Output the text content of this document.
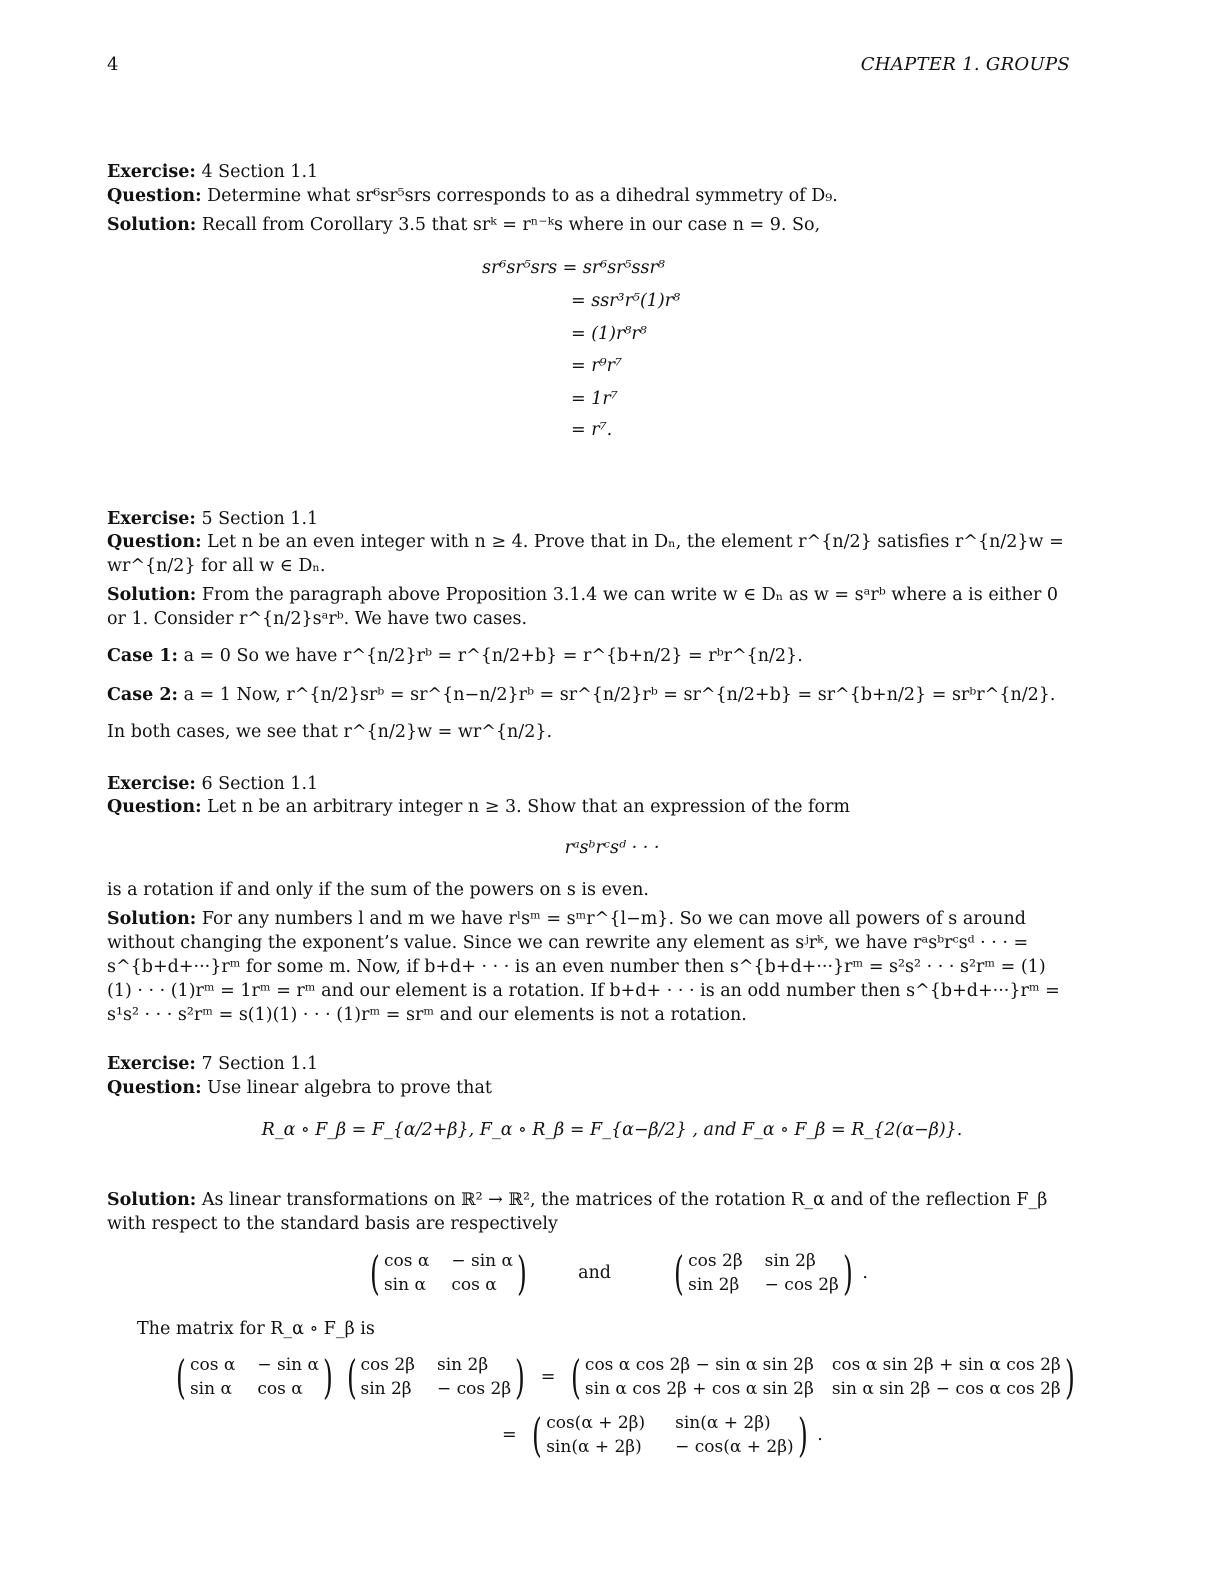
4	CHAPTER 1. GROUPS
Exercise: 4 Section 1.1
Question: Determine what sr⁶sr⁵srs corresponds to as a dihedral symmetry of D₉.
Solution: Recall from Corollary 3.5 that srᵏ = rⁿ⁻ᵏs where in our case n = 9. So,
sr⁶sr⁵srs = sr⁶sr⁵ssr⁸
= ssr³r⁵(1)r⁸
= (1)r⁸r⁸
= r⁹r⁷
= 1r⁷
= r⁷.
Exercise: 5 Section 1.1
Question: Let n be an even integer with n ≥ 4. Prove that in Dₙ, the element r^{n/2} satisfies r^{n/2}w = wr^{n/2} for all w ∈ Dₙ.
Solution: From the paragraph above Proposition 3.1.4 we can write w ∈ Dₙ as w = sᵃrᵇ where a is either 0 or 1. Consider r^{n/2}sᵃrᵇ. We have two cases.
Case 1: a = 0 So we have r^{n/2}rᵇ = r^{n/2+b} = r^{b+n/2} = rᵇr^{n/2}.
Case 2: a = 1 Now, r^{n/2}srᵇ = sr^{n−n/2}rᵇ = sr^{n/2}rᵇ = sr^{n/2+b} = sr^{b+n/2} = srᵇr^{n/2}.
In both cases, we see that r^{n/2}w = wr^{n/2}.
Exercise: 6 Section 1.1
Question: Let n be an arbitrary integer n ≥ 3. Show that an expression of the form
rᵃsᵇrᶜsᵈ · · ·
is a rotation if and only if the sum of the powers on s is even.
Solution: For any numbers l and m we have rˡsᵐ = sᵐr^{l−m}. So we can move all powers of s around without changing the exponent’s value. Since we can rewrite any element as sʲrᵏ, we have rᵃsᵇrᶜsᵈ · · · = s^{b+d+···}rᵐ for some m. Now, if b+d+ · · · is an even number then s^{b+d+···}rᵐ = s²s² · · · s²rᵐ = (1)(1) · · · (1)rᵐ = 1rᵐ = rᵐ and our element is a rotation. If b+d+ · · · is an odd number then s^{b+d+···}rᵐ = s¹s² · · · s²rᵐ = s(1)(1) · · · (1)rᵐ = srᵐ and our elements is not a rotation.
Exercise: 7 Section 1.1
Question: Use linear algebra to prove that
R_α ∘ F_β = F_{α/2+β}, F_α ∘ R_β = F_{α−β/2} , and F_α ∘ F_β = R_{2(α−β)}.
Solution: As linear transformations on ℝ² → ℝ², the matrices of the rotation R_α and of the reflection F_β with respect to the standard basis are respectively
( cos α − sin α
sin α cos α )	and ( cos 2β sin 2β
sin 2β − cos 2β ) .
The matrix for R_α ∘ F_β is
( cos α − sin α
sin α cos α )
( cos 2β sin 2β
sin 2β − cos 2β ) = ( cos α cos 2β − sin α sin 2β cos α sin 2β + sin α cos 2β
sin α cos 2β + cos α sin 2β sin α sin 2β − cos α cos 2β )
= ( cos(α + 2β) sin(α + 2β)
sin(α + 2β) − cos(α + 2β) ) .
